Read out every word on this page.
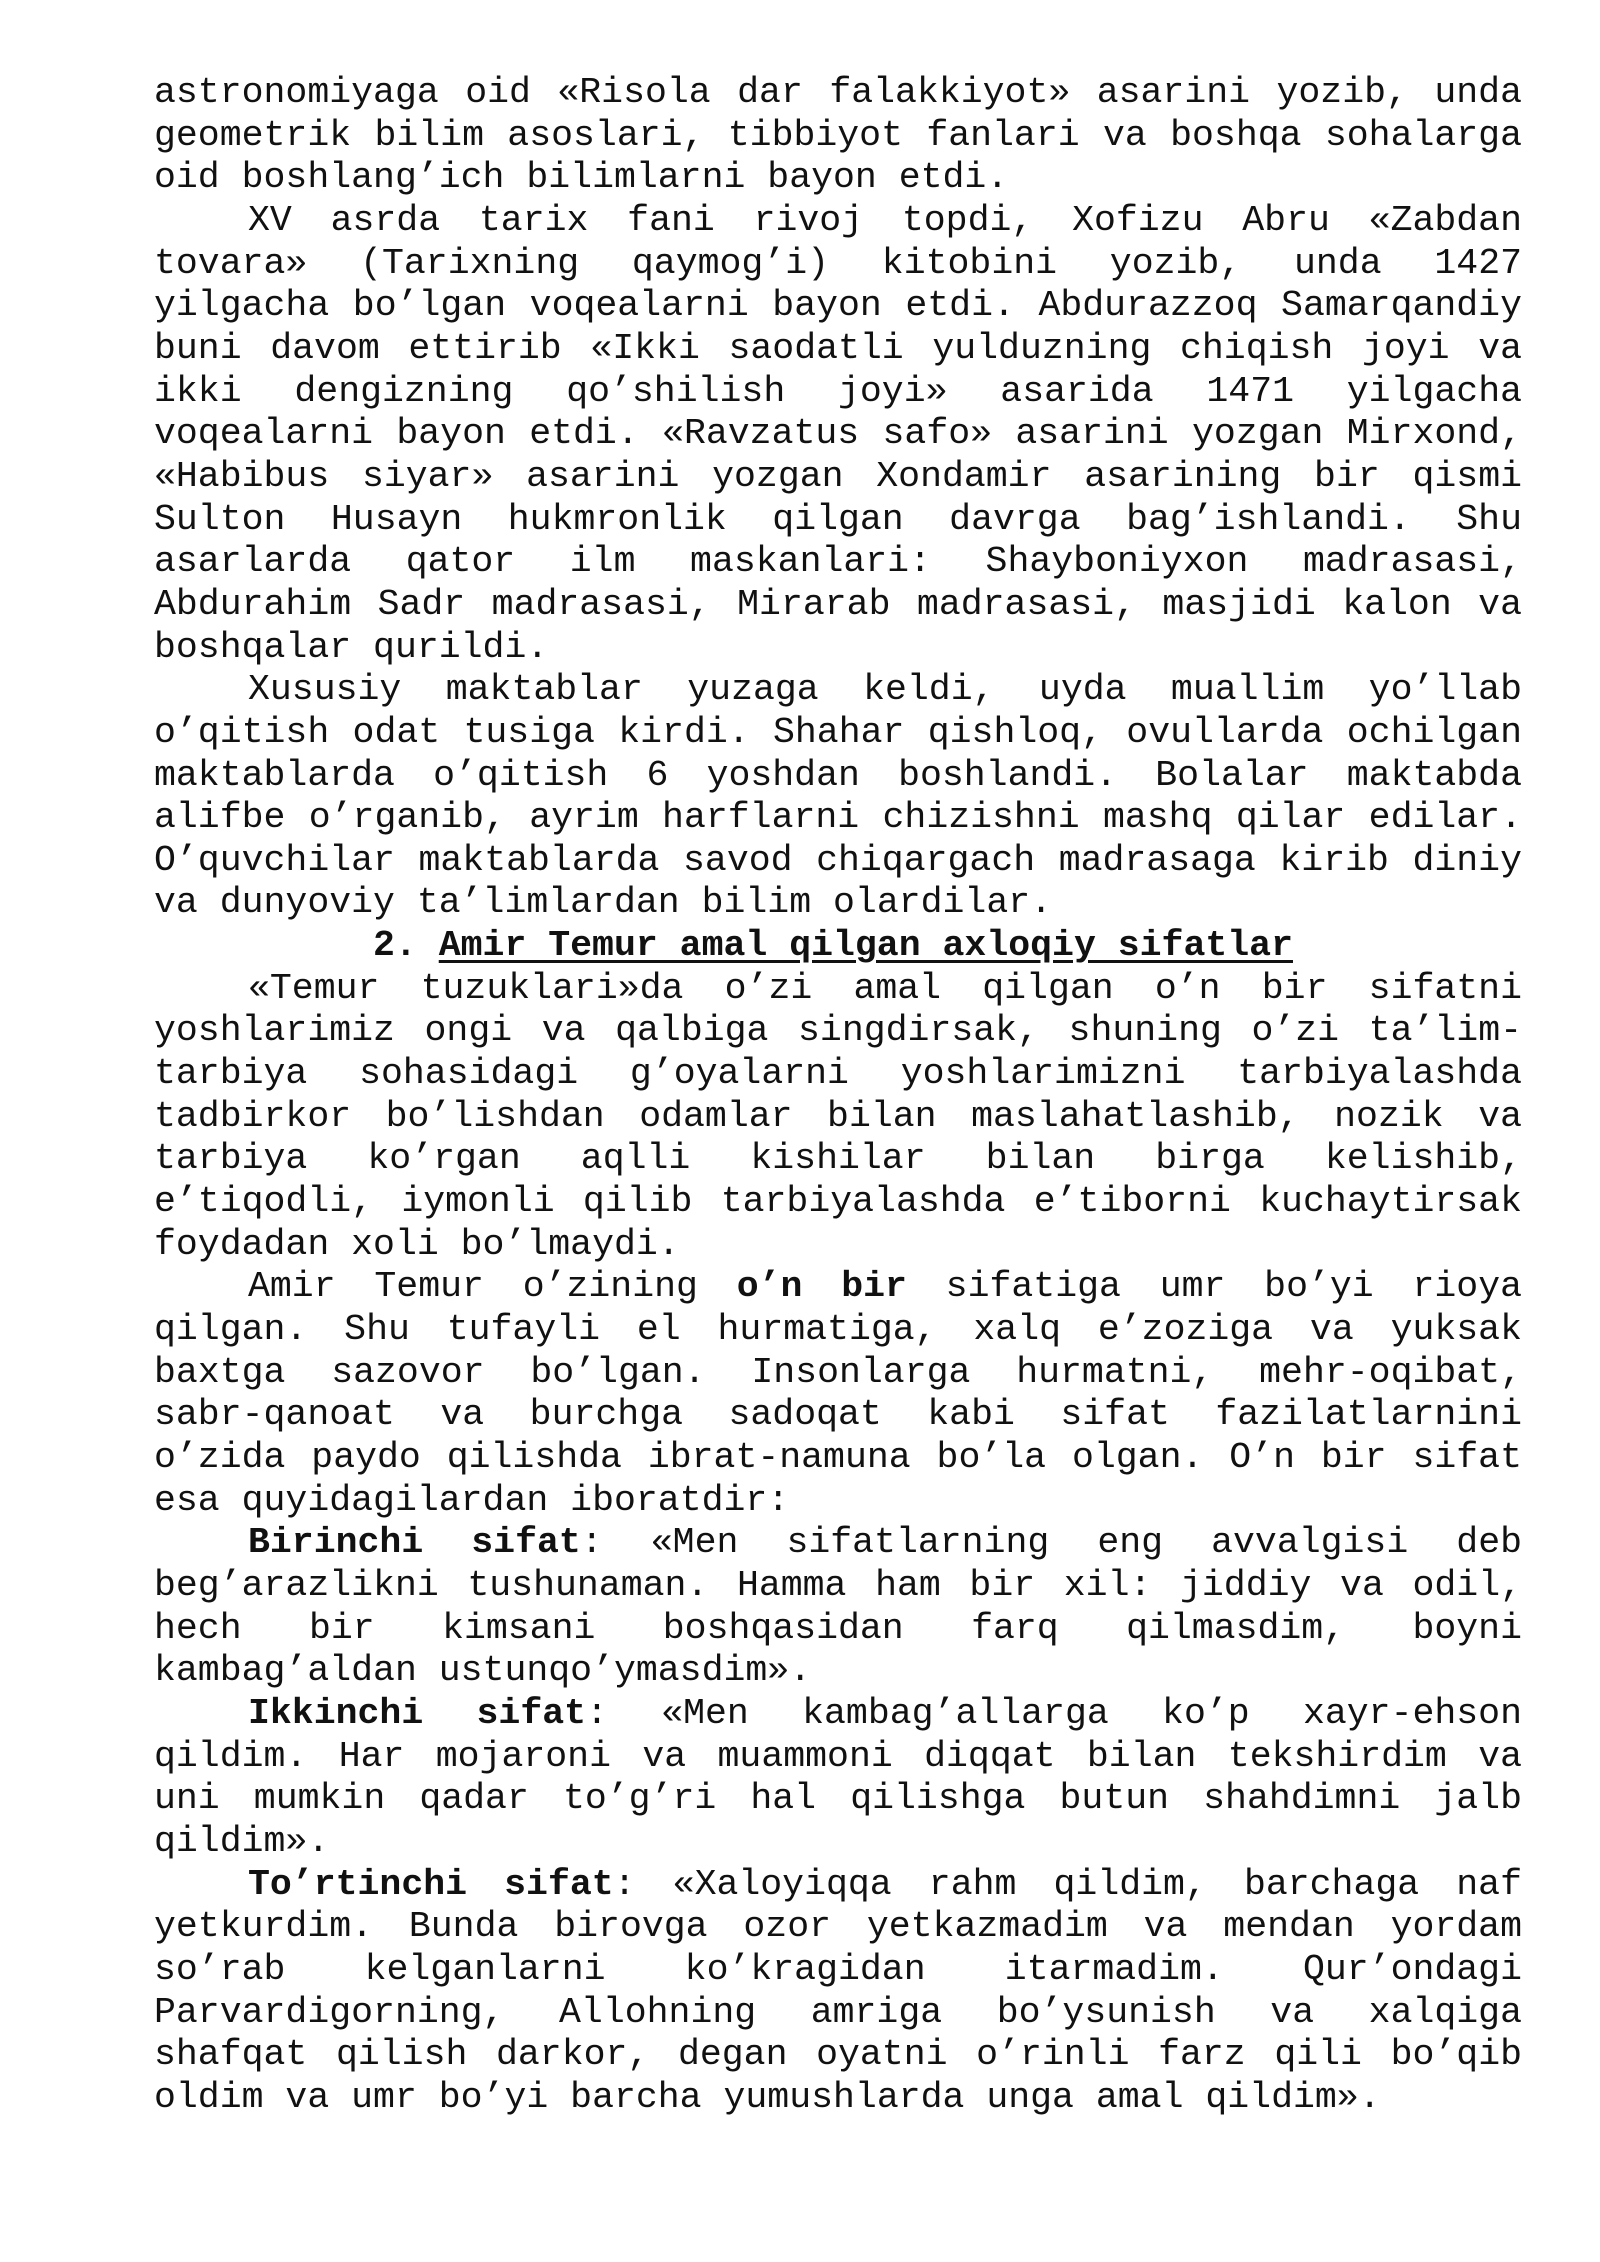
astronomiyaga oid «Risola dar falakkiyot» asarini yozib, unda geometrik bilim asoslari, tibbiyot fanlari va boshqa sohalarga oid boshlang’ich bilimlarni bayon etdi.

XV asrda tarix fani rivoj topdi, Xofizu Abru «Zabdan tovara» (Tarixning qaymog’i) kitobini yozib, unda 1427 yilgacha bo’lgan voqealarni bayon etdi. Abdurazzoq Samarqandiy buni davom ettirib «Ikki saodatli yulduzning chiqish joyi va ikki dengizning qo’shilish joyi» asarida 1471 yilgacha voqealarni bayon etdi. «Ravzatus safo» asarini yozgan Mirxond, «Habibus siyar» asarini yozgan Xondamir asarining bir qismi Sulton Husayn hukmronlik qilgan davrga bag’ishlandi. Shu asarlarda qator ilm maskanlari: Shayboniyxon madrasasi, Abdurahim Sadr madrasasi, Mirarab madrasasi, masjidi kalon va boshqalar qurildi.

Xususiy maktablar yuzaga keldi, uyda muallim yo’llab o’qitish odat tusiga kirdi. Shahar qishloq, ovullarda ochilgan maktablarda o’qitish 6 yoshdan boshlandi. Bolalar maktabda alifbe o’rganib, ayrim harflarni chizishni mashq qilar edilar. O’quvchilar maktablarda savod chiqargach madrasaga kirib diniy va dunyoviy ta’limlardan bilim olardilar.

2. Amir Temur amal qilgan axloqiy sifatlar

«Temur tuzuklari»da o’zi amal qilgan o’n bir sifatni yoshlarimiz ongi va qalbiga singdirsak, shuning o’zi ta’lim-tarbiya sohasidagi g’oyalarni yoshlarimizni tarbiyalashda tadbirkor bo’lishdan odamlar bilan maslahatlashib, nozik va tarbiya ko’rgan aqlli kishilar bilan birga kelishib, e’tiqodli, iymonli qilib tarbiyalashda e’tiborni kuchaytirsak foydadan xoli bo’lmaydi.

Amir Temur o’zining o’n bir sifatiga umr bo’yi rioya qilgan. Shu tufayli el hurmatiga, xalq e’zoziga va yuksak baxtga sazovor bo’lgan. Insonlarga hurmatni, mehr-oqibat, sabr-qanoat va burchga sadoqat kabi sifat fazilatlarnini o’zida paydo qilishda ibrat-namuna bo’la olgan. O’n bir sifat esa quyidagilardan iboratdir:

Birinchi sifat: «Men sifatlarning eng avvalgisi deb beg’arazlikni tushunaman. Hamma ham bir xil: jiddiy va odil, hech bir kimsani boshqasidan farq qilmasdim, boyni kambag’aldan ustunqo’ymasdim».

Ikkinchi sifat: «Men kambag’allarga ko’p xayr-ehson qildim. Har mojaroni va muammoni diqqat bilan tekshirdim va uni mumkin qadar to’g’ri hal qilishga butun shahdimni jalb qildim».

To’rtinchi sifat: «Xaloyiqqa rahm qildim, barchaga naf yetkurdim. Bunda birovga ozor yetkazmadim va mendan yordam so’rab kelganlarni ko’kragidan itarmadim. Qur’ondagi Parvardigorning, Allohning amriga bo’ysunish va xalqiga shafqat qilish darkor, degan oyatni o’rinli farz qili bo’qib oldim va umr bo’yi barcha yumushlarda unga amal qildim».
